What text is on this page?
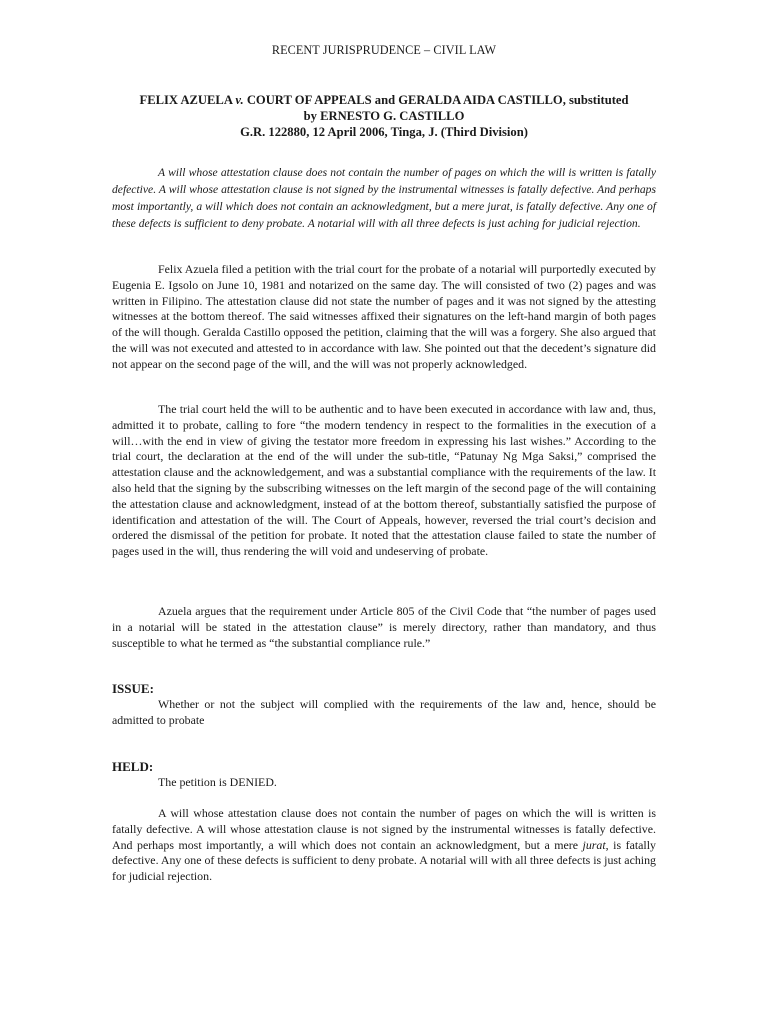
RECENT JURISPRUDENCE – CIVIL LAW
FELIX AZUELA v. COURT OF APPEALS and GERALDA AIDA CASTILLO, substituted
by ERNESTO G. CASTILLO
G.R. 122880, 12 April 2006, Tinga, J. (Third Division)
A will whose attestation clause does not contain the number of pages on which the will is written is fatally defective. A will whose attestation clause is not signed by the instrumental witnesses is fatally defective. And perhaps most importantly, a will which does not contain an acknowledgment, but a mere jurat, is fatally defective. Any one of these defects is sufficient to deny probate. A notarial will with all three defects is just aching for judicial rejection.
Felix Azuela filed a petition with the trial court for the probate of a notarial will purportedly executed by Eugenia E. Igsolo on June 10, 1981 and notarized on the same day. The will consisted of two (2) pages and was written in Filipino. The attestation clause did not state the number of pages and it was not signed by the attesting witnesses at the bottom thereof. The said witnesses affixed their signatures on the left-hand margin of both pages of the will though. Geralda Castillo opposed the petition, claiming that the will was a forgery. She also argued that the will was not executed and attested to in accordance with law. She pointed out that the decedent’s signature did not appear on the second page of the will, and the will was not properly acknowledged.
The trial court held the will to be authentic and to have been executed in accordance with law and, thus, admitted it to probate, calling to fore “the modern tendency in respect to the formalities in the execution of a will…with the end in view of giving the testator more freedom in expressing his last wishes.” According to the trial court, the declaration at the end of the will under the sub-title, “Patunay Ng Mga Saksi,” comprised the attestation clause and the acknowledgement, and was a substantial compliance with the requirements of the law. It also held that the signing by the subscribing witnesses on the left margin of the second page of the will containing the attestation clause and acknowledgment, instead of at the bottom thereof, substantially satisfied the purpose of identification and attestation of the will. The Court of Appeals, however, reversed the trial court’s decision and ordered the dismissal of the petition for probate. It noted that the attestation clause failed to state the number of pages used in the will, thus rendering the will void and undeserving of probate.
Azuela argues that the requirement under Article 805 of the Civil Code that “the number of pages used in a notarial will be stated in the attestation clause” is merely directory, rather than mandatory, and thus susceptible to what he termed as “the substantial compliance rule.”
ISSUE:
Whether or not the subject will complied with the requirements of the law and, hence, should be admitted to probate
HELD:
The petition is DENIED.
A will whose attestation clause does not contain the number of pages on which the will is written is fatally defective. A will whose attestation clause is not signed by the instrumental witnesses is fatally defective. And perhaps most importantly, a will which does not contain an acknowledgment, but a mere jurat, is fatally defective. Any one of these defects is sufficient to deny probate. A notarial will with all three defects is just aching for judicial rejection.
